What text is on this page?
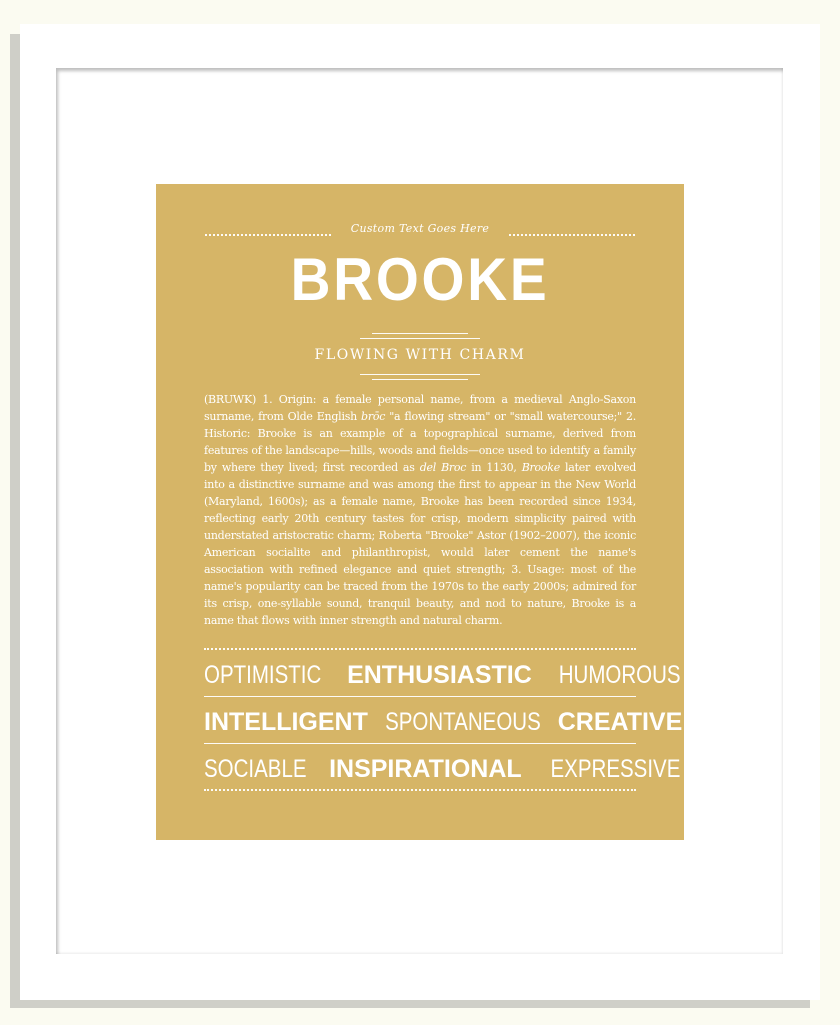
Custom Text Goes Here
BROOKE
FLOWING WITH CHARM
(BRUWK) 1. Origin: a female personal name, from a medieval Anglo-Saxon surname, from Olde English brōc "a flowing stream" or "small watercourse;" 2. Historic: Brooke is an example of a topographical surname, derived from features of the landscape—hills, woods and fields—once used to identify a family by where they lived; first recorded as del Broc in 1130, Brooke later evolved into a distinctive surname and was among the first to appear in the New World (Maryland, 1600s); as a female name, Brooke has been recorded since 1934, reflecting early 20th century tastes for crisp, modern simplicity paired with understated aristocratic charm; Roberta "Brooke" Astor (1902–2007), the iconic American socialite and philanthropist, would later cement the name's association with refined elegance and quiet strength; 3. Usage: most of the name's popularity can be traced from the 1970s to the early 2000s; admired for its crisp, one-syllable sound, tranquil beauty, and nod to nature, Brooke is a name that flows with inner strength and natural charm.
OPTIMISTIC ENTHUSIASTIC HUMOROUS
INTELLIGENT SPONTANEOUS CREATIVE
SOCIABLE INSPIRATIONAL EXPRESSIVE
